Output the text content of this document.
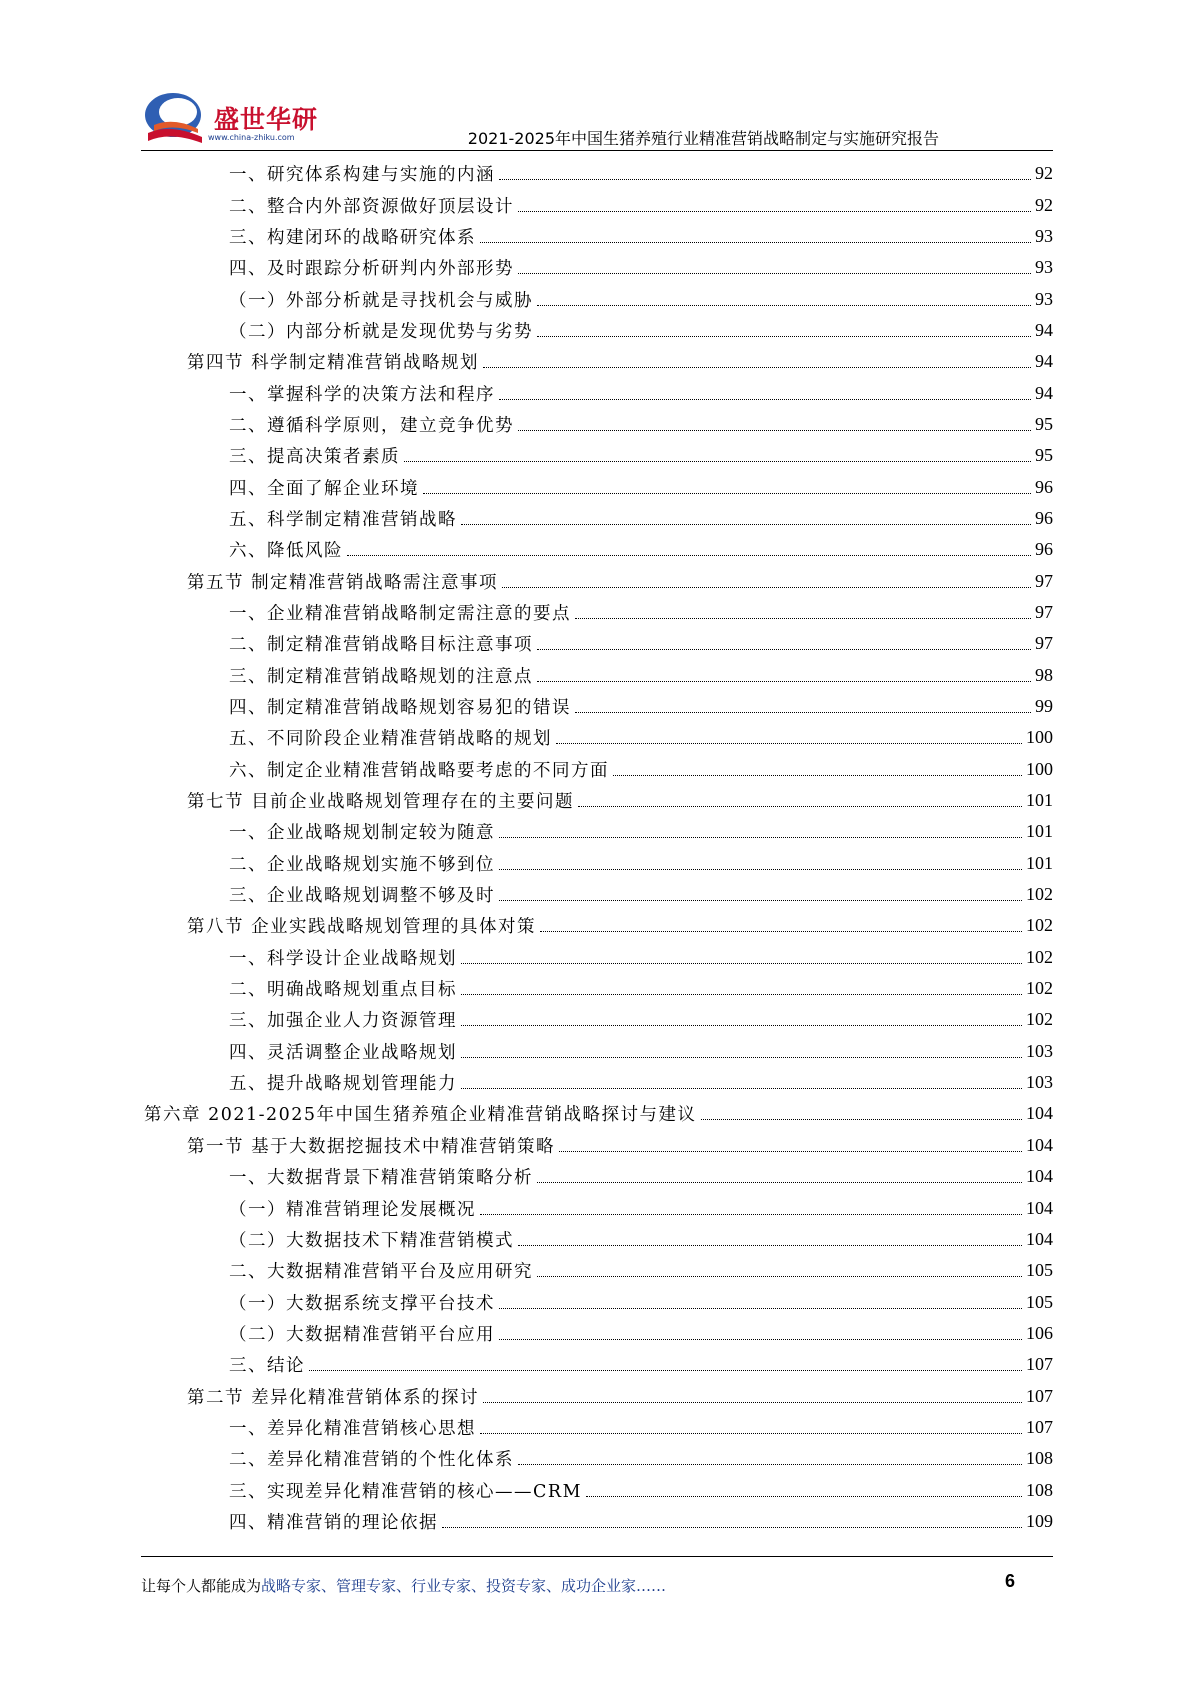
盛世华研
www.china-zhiku.com	2021-2025年中国生猪养殖行业精准营销战略制定与实施研究报告
一、研究体系构建与实施的内涵	92
二、整合内外部资源做好顶层设计	92
三、构建闭环的战略研究体系	93
四、及时跟踪分析研判内外部形势	93
（一）外部分析就是寻找机会与威胁	93
（二）内部分析就是发现优势与劣势	94
第四节 科学制定精准营销战略规划	94
一、掌握科学的决策方法和程序	94
二、遵循科学原则，建立竞争优势	95
三、提高决策者素质	95
四、全面了解企业环境	96
五、科学制定精准营销战略	96
六、降低风险	96
第五节 制定精准营销战略需注意事项	97
一、企业精准营销战略制定需注意的要点	97
二、制定精准营销战略目标注意事项	97
三、制定精准营销战略规划的注意点	98
四、制定精准营销战略规划容易犯的错误	99
五、不同阶段企业精准营销战略的规划	100
六、制定企业精准营销战略要考虑的不同方面	100
第七节 目前企业战略规划管理存在的主要问题	101
一、企业战略规划制定较为随意	101
二、企业战略规划实施不够到位	101
三、企业战略规划调整不够及时	102
第八节 企业实践战略规划管理的具体对策	102
一、科学设计企业战略规划	102
二、明确战略规划重点目标	102
三、加强企业人力资源管理	102
四、灵活调整企业战略规划	103
五、提升战略规划管理能力	103
第六章 2021-2025年中国生猪养殖企业精准营销战略探讨与建议	104
第一节 基于大数据挖掘技术中精准营销策略	104
一、大数据背景下精准营销策略分析	104
（一）精准营销理论发展概况	104
（二）大数据技术下精准营销模式	104
二、大数据精准营销平台及应用研究	105
（一）大数据系统支撑平台技术	105
（二）大数据精准营销平台应用	106
三、结论	107
第二节 差异化精准营销体系的探讨	107
一、差异化精准营销核心思想	107
二、差异化精准营销的个性化体系	108
三、实现差异化精准营销的核心——CRM	108
四、精准营销的理论依据	109
让每个人都能成为战略专家、管理专家、行业专家、投资专家、成功企业家……	6
